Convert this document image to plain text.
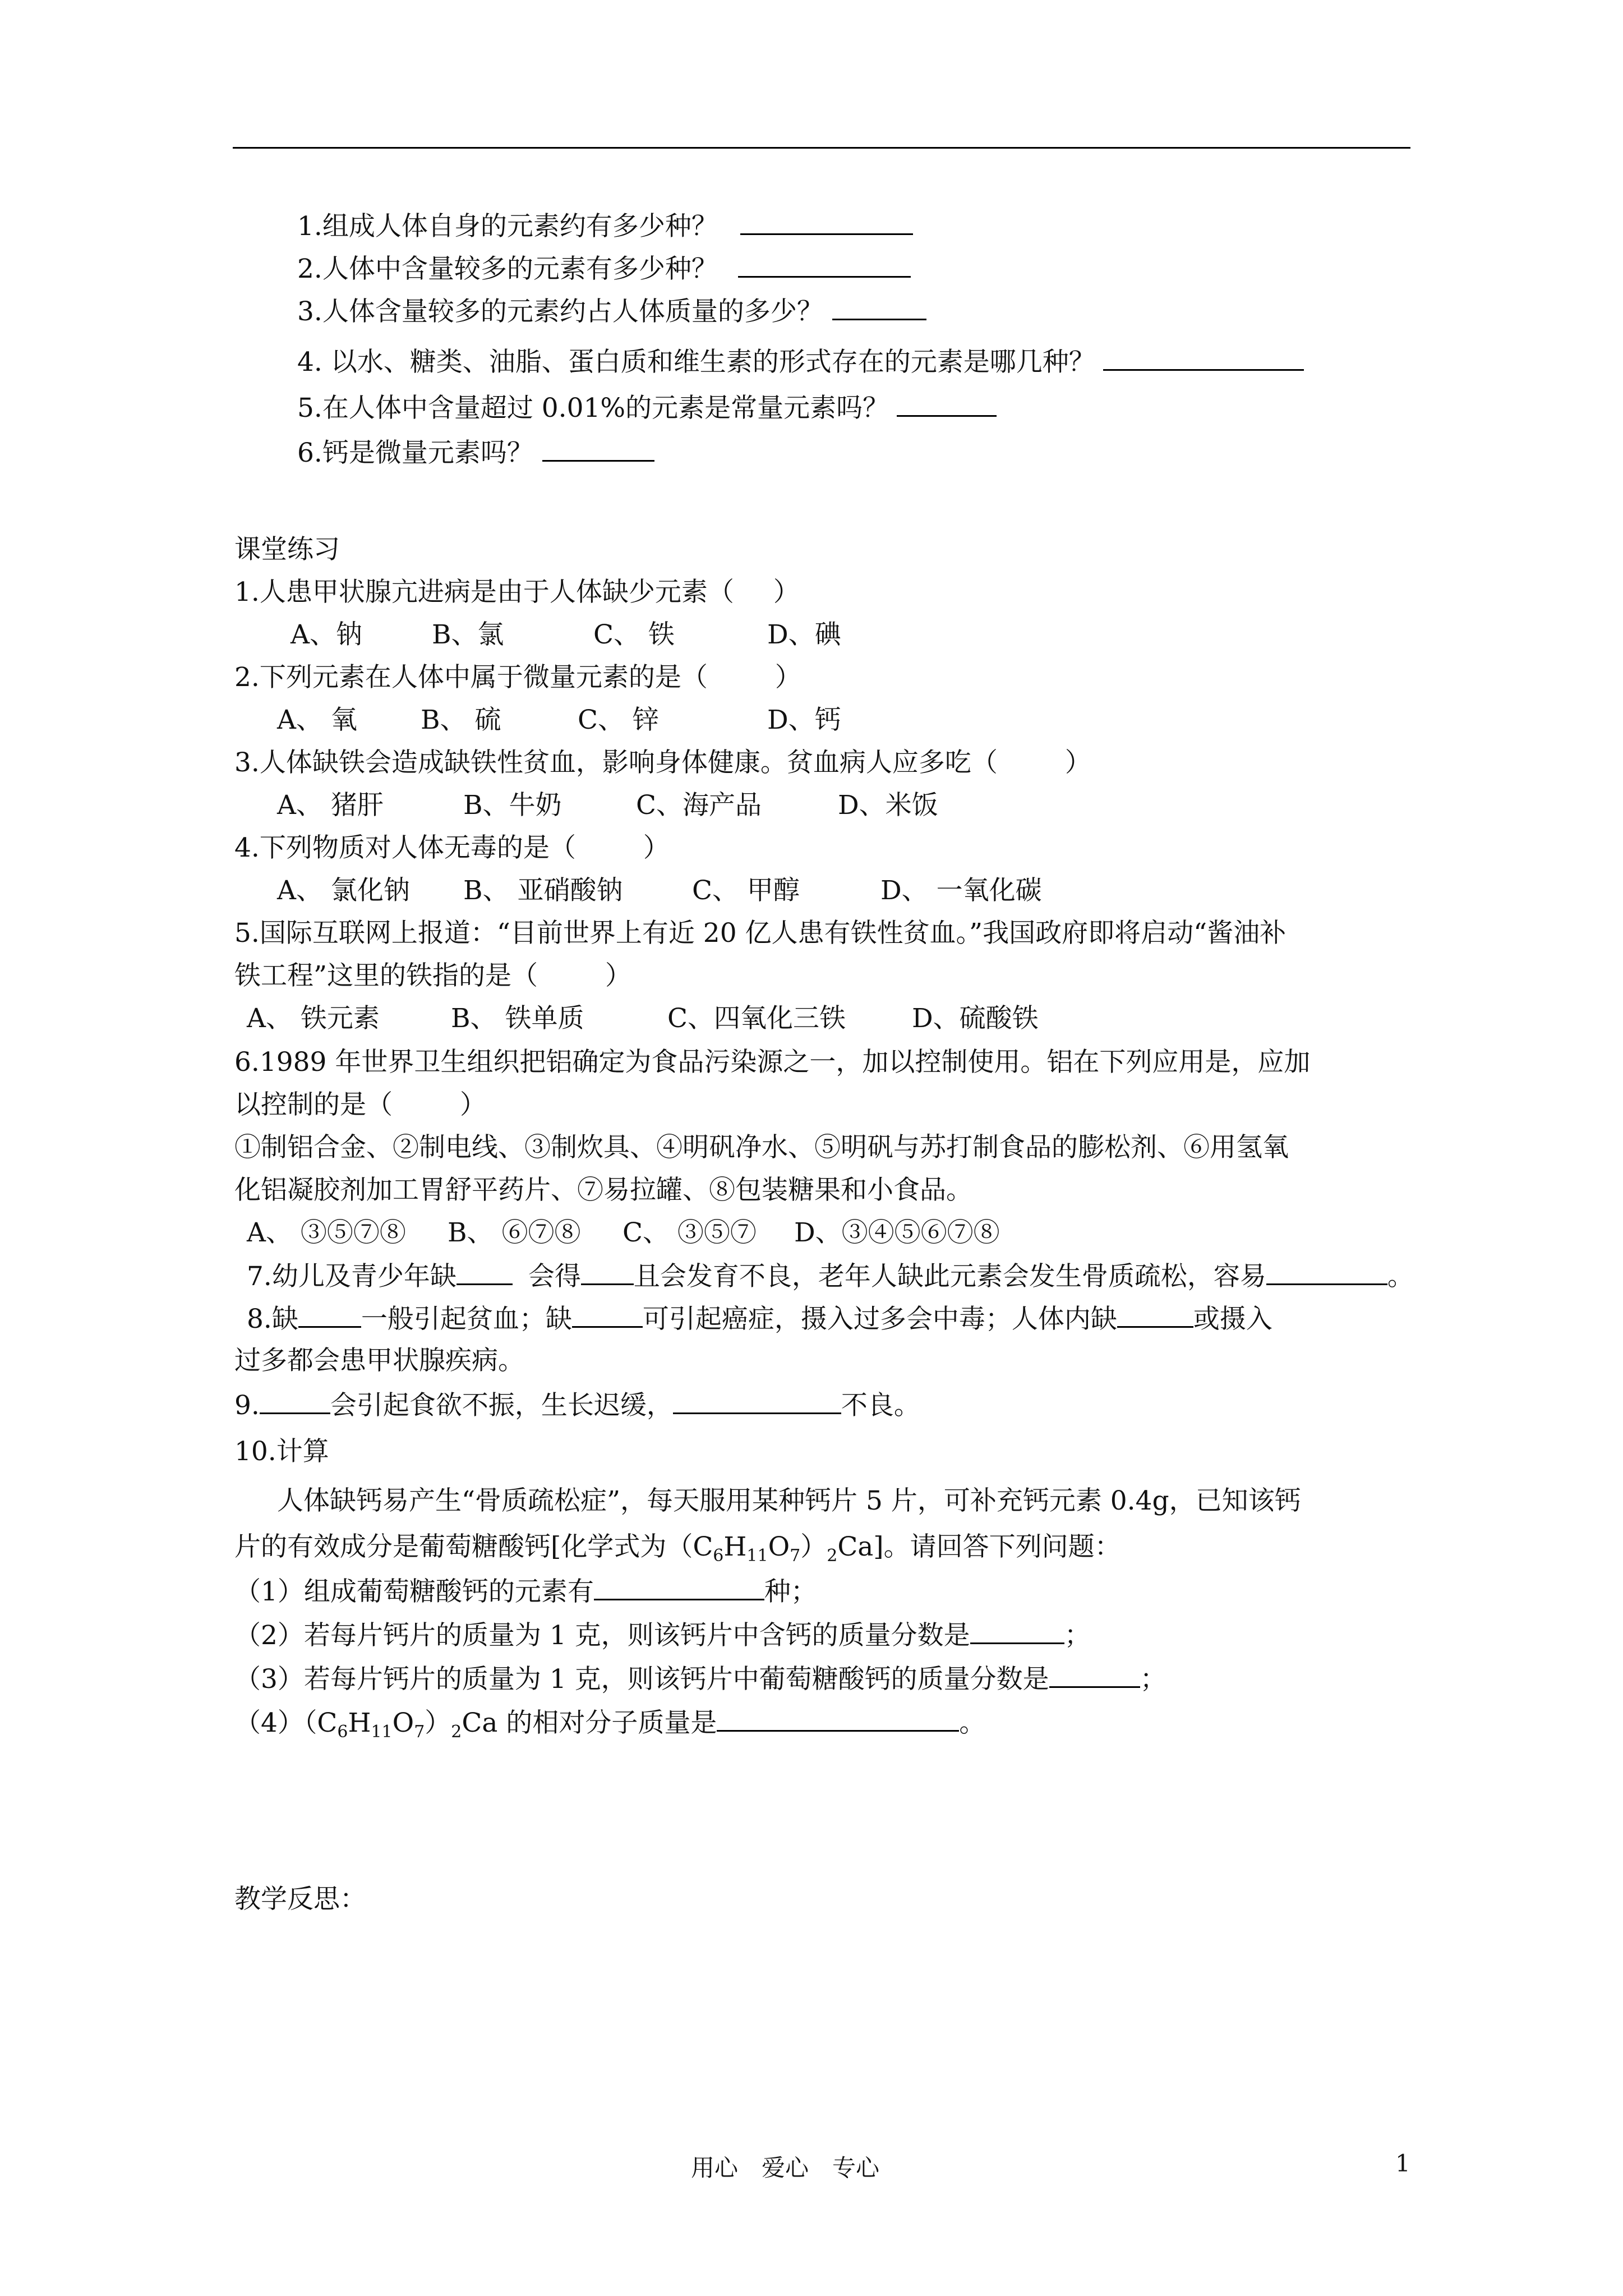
1.组成人体自身的元素约有多少种？
2.人体中含量较多的元素有多少种？
3.人体含量较多的元素约占人体质量的多少？
4. 以水、糖类、油脂、蛋白质和维生素的形式存在的元素是哪几种？
5.在人体中含量超过 0.01%的元素是常量元素吗？
6.钙是微量元素吗？
课堂练习
1.人患甲状腺亢进病是由于人体缺少元素（ ）
A、钠	B、氯	C、 铁	D、碘
2.下列元素在人体中属于微量元素的是（	）
A、 氧 B、 硫	C、 锌	D、钙
3.人体缺铁会造成缺铁性贫血，影响身体健康。贫血病人应多吃（	）
A、 猪肝	B、牛奶	C、海产品	D、米饭
4.下列物质对人体无毒的是（	）
A、 氯化钠 B、 亚硝酸钠	C、 甲醇	D、 一氧化碳
5.国际互联网上报道：“目前世界上有近 20 亿人患有铁性贫血。”我国政府即将启动“酱油补
铁工程”这里的铁指的是（	）
A、 铁元素	B、 铁单质	C、四氧化三铁	D、硫酸铁
6.1989 年世界卫生组织把铝确定为食品污染源之一，加以控制使用。铝在下列应用是，应加
以控制的是（	）
①制铝合金、②制电线、③制炊具、④明矾净水、⑤明矾与苏打制食品的膨松剂、⑥用氢氧
化铝凝胶剂加工胃舒平药片、⑦易拉罐、⑧包装糖果和小食品。
A、 ③⑤⑦⑧ B、 ⑥⑦⑧ C、 ③⑤⑦ D、③④⑤⑥⑦⑧
7.幼儿及青少年缺	会得 且会发育不良，老年人缺此元素会发生骨质疏松，容易	。
8.缺 一般引起贫血；缺	可引起癌症，摄入过多会中毒；人体内缺	或摄入
过多都会患甲状腺疾病。
9.	会引起食欲不振，生长迟缓，	不良。
10.计算
人体缺钙易产生“骨质疏松症”，每天服用某种钙片 5 片，可补充钙元素 0.4g，已知该钙
片的有效成分是葡萄糖酸钙[化学式为$(C_6H_{11}O_7)_2Ca$]。请回答下列问题：
（1）组成葡萄糖酸钙的元素有	种；
（2）若每片钙片的质量为 1 克，则该钙片中含钙的质量分数是	；
（3）若每片钙片的质量为 1 克，则该钙片中葡萄糖酸钙的质量分数是	；
$(4)(C_6H_{11}O_7)_2Ca$ 的相对分子质量是	。
教学反思：
用心　爱心　专心	1
